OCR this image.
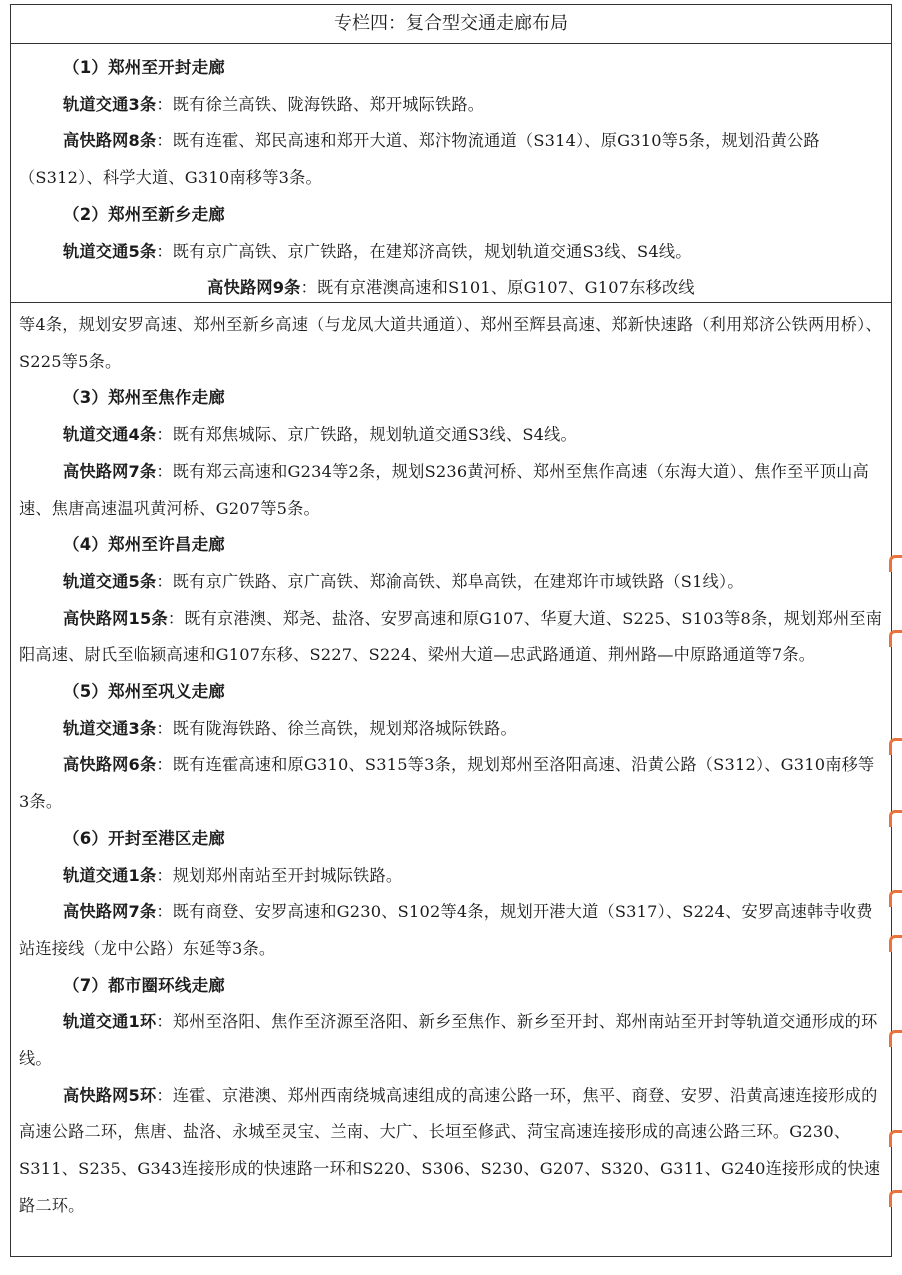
专栏四：复合型交通走廊布局

（1）郑州至开封走廊

轨道交通3条：既有徐兰高铁、陇海铁路、郑开城际铁路。

高快路网8条：既有连霍、郑民高速和郑开大道、郑汴物流通道（S314）、原G310等5条，规划沿黄公路（S312）、科学大道、G310南移等3条。

（2）郑州至新乡走廊

轨道交通5条：既有京广高铁、京广铁路，在建郑济高铁，规划轨道交通S3线、S4线。

高快路网9条：既有京港澳高速和S101、原G107、G107东移改线

等4条，规划安罗高速、郑州至新乡高速（与龙凤大道共通道）、郑州至辉县高速、郑新快速路（利用郑济公铁两用桥）、S225等5条。

（3）郑州至焦作走廊

轨道交通4条：既有郑焦城际、京广铁路，规划轨道交通S3线、S4线。

高快路网7条：既有郑云高速和G234等2条，规划S236黄河桥、郑州至焦作高速（东海大道）、焦作至平顶山高速、焦唐高速温巩黄河桥、G207等5条。

（4）郑州至许昌走廊

轨道交通5条：既有京广铁路、京广高铁、郑渝高铁、郑阜高铁，在建郑许市域铁路（S1线）。

高快路网15条：既有京港澳、郑尧、盐洛、安罗高速和原G107、华夏大道、S225、S103等8条，规划郑州至南阳高速、尉氏至临颍高速和G107东移、S227、S224、梁州大道—忠武路通道、荆州路—中原路通道等7条。

（5）郑州至巩义走廊

轨道交通3条：既有陇海铁路、徐兰高铁，规划郑洛城际铁路。

高快路网6条：既有连霍高速和原G310、S315等3条，规划郑州至洛阳高速、沿黄公路（S312）、G310南移等3条。

（6）开封至港区走廊

轨道交通1条：规划郑州南站至开封城际铁路。

高快路网7条：既有商登、安罗高速和G230、S102等4条，规划开港大道（S317）、S224、安罗高速韩寺收费站连接线（龙中公路）东延等3条。

（7）都市圈环线走廊

轨道交通1环：郑州至洛阳、焦作至济源至洛阳、新乡至焦作、新乡至开封、郑州南站至开封等轨道交通形成的环线。

高快路网5环：连霍、京港澳、郑州西南绕城高速组成的高速公路一环，焦平、商登、安罗、沿黄高速连接形成的高速公路二环，焦唐、盐洛、永城至灵宝、兰南、大广、长垣至修武、菏宝高速连接形成的高速公路三环。G230、S311、S235、G343连接形成的快速路一环和S220、S306、S230、G207、S320、G311、G240连接形成的快速路二环。
